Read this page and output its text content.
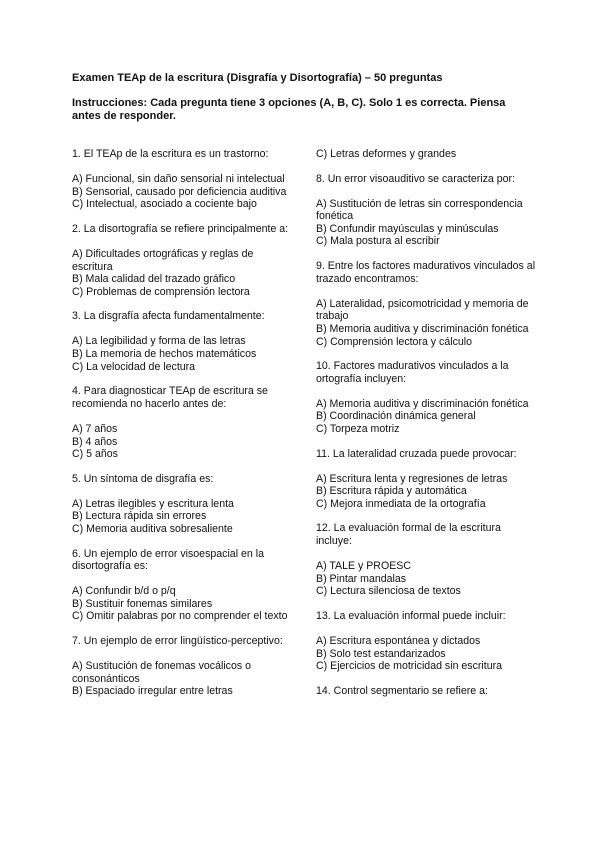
Examen TEAp de la escritura (Disgrafía y Disortografía) – 50 preguntas
Instrucciones: Cada pregunta tiene 3 opciones (A, B, C). Solo 1 es correcta. Piensa antes de responder.
1. El TEAp de la escritura es un trastorno:
A) Funcional, sin daño sensorial ni intelectual
B) Sensorial, causado por deficiencia auditiva
C) Intelectual, asociado a cociente bajo
2. La disortografía se refiere principalmente a:
A) Dificultades ortográficas y reglas de escritura
B) Mala calidad del trazado gráfico
C) Problemas de comprensión lectora
3. La disgrafía afecta fundamentalmente:
A) La legibilidad y forma de las letras
B) La memoria de hechos matemáticos
C) La velocidad de lectura
4. Para diagnosticar TEAp de escritura se recomienda no hacerlo antes de:
A) 7 años
B) 4 años
C) 5 años
5. Un síntoma de disgrafía es:
A) Letras ilegibles y escritura lenta
B) Lectura rápida sin errores
C) Memoria auditiva sobresaliente
6. Un ejemplo de error visoespacial en la disortografía es:
A) Confundir b/d o p/q
B) Sustituir fonemas similares
C) Omitir palabras por no comprender el texto
7. Un ejemplo de error lingüístico-perceptivo:
A) Sustitución de fonemas vocálicos o consonánticos
B) Espaciado irregular entre letras
C) Letras deformes y grandes
8. Un error visoauditivo se caracteriza por:
A) Sustitución de letras sin correspondencia fonética
B) Confundir mayúsculas y minúsculas
C) Mala postura al escribir
9. Entre los factores madurativos vinculados al trazado encontramos:
A) Lateralidad, psicomotricidad y memoria de trabajo
B) Memoria auditiva y discriminación fonética
C) Comprensión lectora y cálculo
10. Factores madurativos vinculados a la ortografía incluyen:
A) Memoria auditiva y discriminación fonética
B) Coordinación dinámica general
C) Torpeza motriz
11. La lateralidad cruzada puede provocar:
A) Escritura lenta y regresiones de letras
B) Escritura rápida y automática
C) Mejora inmediata de la ortografía
12. La evaluación formal de la escritura incluye:
A) TALE y PROESC
B) Pintar mandalas
C) Lectura silenciosa de textos
13. La evaluación informal puede incluir:
A) Escritura espontánea y dictados
B) Solo test estandarizados
C) Ejercicios de motricidad sin escritura
14. Control segmentario se refiere a:
